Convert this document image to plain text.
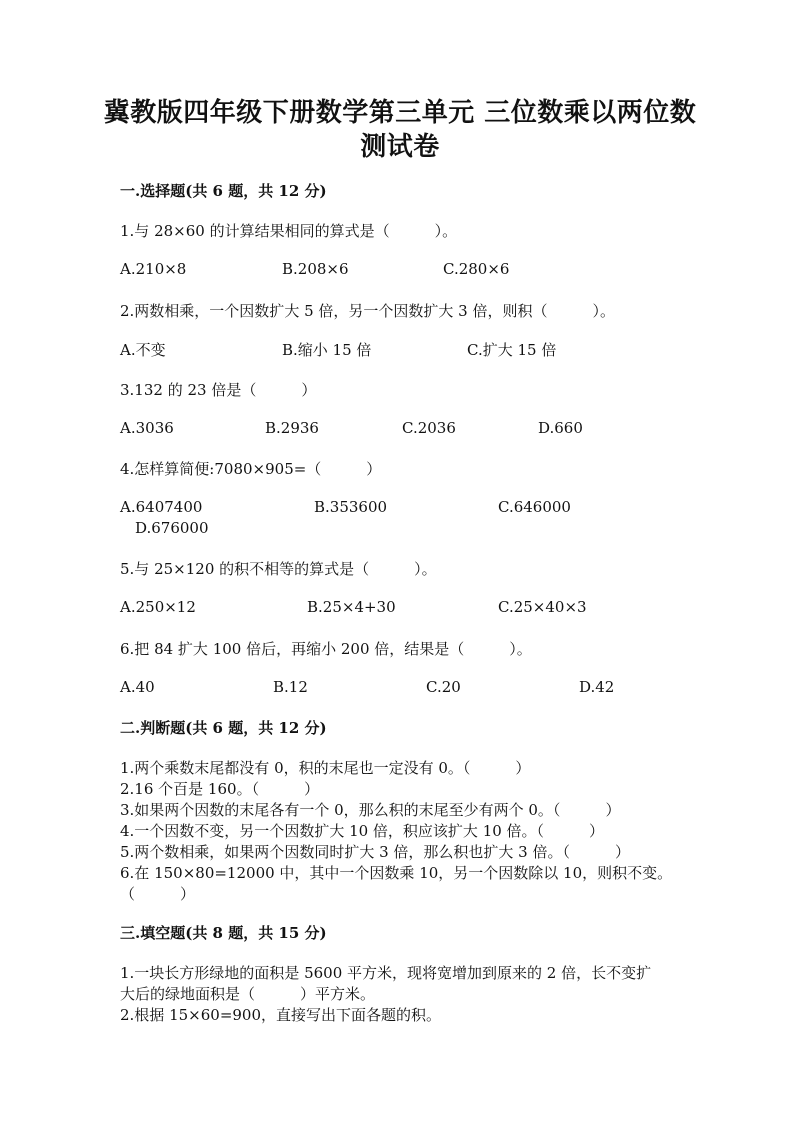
冀教版四年级下册数学第三单元 三位数乘以两位数
测试卷
一.选择题(共 6 题，共 12 分)
1.与 28×60 的计算结果相同的算式是（　　　）。
A.210×8	B.208×6	C.280×6
2.两数相乘，一个因数扩大 5 倍，另一个因数扩大 3 倍，则积（　　　）。
A.不变	B.缩小 15 倍	C.扩大 15 倍
3.132 的 23 倍是（　　　）
A.3036	B.2936	C.2036	D.660
4.怎样算简便:7080×905=（　　　）
A.6407400	B.353600	C.646000
D.676000
5.与 25×120 的积不相等的算式是（　　　）。
A.250×12	B.25×4+30	C.25×40×3
6.把 84 扩大 100 倍后，再缩小 200 倍，结果是（　　　）。
A.40	B.12	C.20	D.42
二.判断题(共 6 题，共 12 分)
1.两个乘数末尾都没有 0，积的末尾也一定没有 0。（　　　）
2.16 个百是 160。（　　　）
3.如果两个因数的末尾各有一个 0，那么积的末尾至少有两个 0。（　　　）
4.一个因数不变，另一个因数扩大 10 倍，积应该扩大 10 倍。（　　　）
5.两个数相乘，如果两个因数同时扩大 3 倍，那么积也扩大 3 倍。（　　　）
6.在 150×80=12000 中，其中一个因数乘 10，另一个因数除以 10，则积不变。
（　　　）
三.填空题(共 8 题，共 15 分)
1.一块长方形绿地的面积是 5600 平方米，现将宽增加到原来的 2 倍，长不变扩
大后的绿地面积是（　　　）平方米。
2.根据 15×60=900，直接写出下面各题的积。
